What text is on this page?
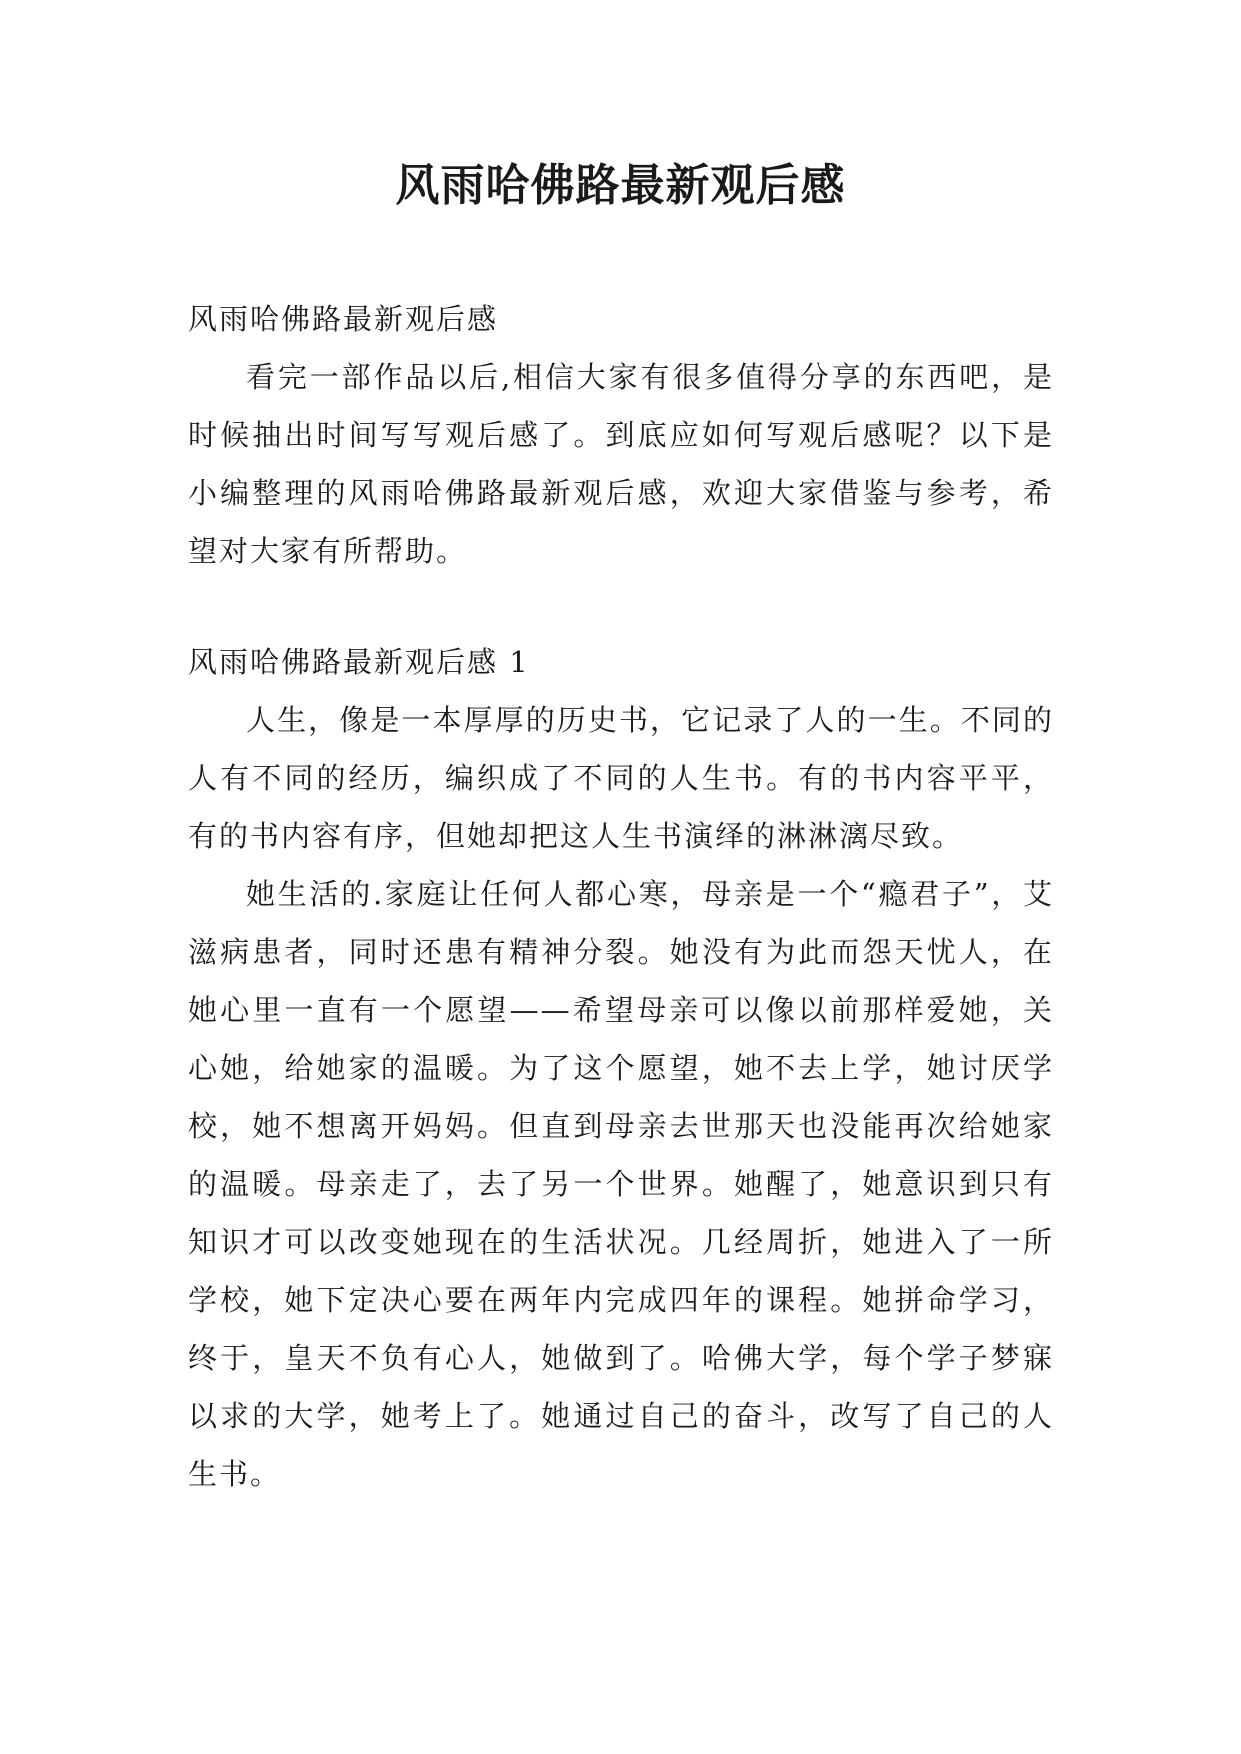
风雨哈佛路最新观后感

风雨哈佛路最新观后感

看完一部作品以后,相信大家有很多值得分享的东西吧，是时候抽出时间写写观后感了。到底应如何写观后感呢？以下是小编整理的风雨哈佛路最新观后感，欢迎大家借鉴与参考，希望对大家有所帮助。

风雨哈佛路最新观后感 1

人生，像是一本厚厚的历史书，它记录了人的一生。不同的人有不同的经历，编织成了不同的人生书。有的书内容平平，有的书内容有序，但她却把这人生书演绎的淋淋漓尽致。

她生活的.家庭让任何人都心寒，母亲是一个“瘾君子”，艾滋病患者，同时还患有精神分裂。她没有为此而怨天忧人，在她心里一直有一个愿望——希望母亲可以像以前那样爱她，关心她，给她家的温暖。为了这个愿望，她不去上学，她讨厌学校，她不想离开妈妈。但直到母亲去世那天也没能再次给她家的温暖。母亲走了，去了另一个世界。她醒了，她意识到只有知识才可以改变她现在的生活状况。几经周折，她进入了一所学校，她下定决心要在两年内完成四年的课程。她拼命学习，终于，皇天不负有心人，她做到了。哈佛大学，每个学子梦寐以求的大学，她考上了。她通过自己的奋斗，改写了自己的人生书。
